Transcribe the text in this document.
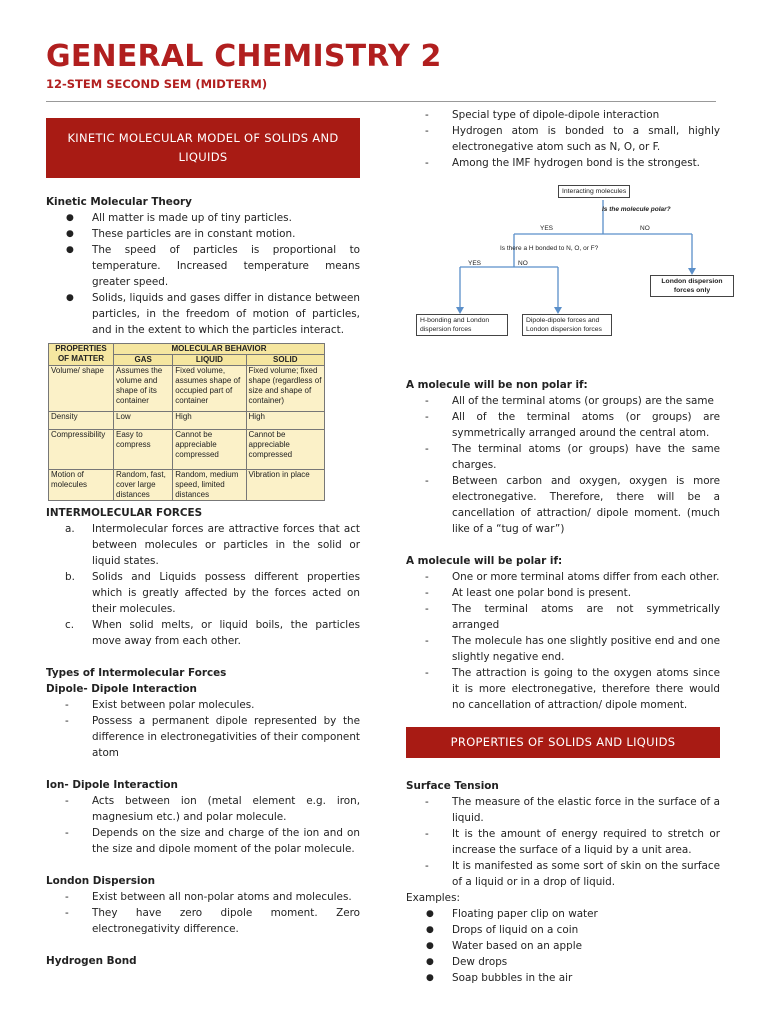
GENERAL CHEMISTRY 2
12-STEM SECOND SEM (MIDTERM)
KINETIC MOLECULAR MODEL OF SOLIDS AND LIQUIDS
Kinetic Molecular Theory
● All matter is made up of tiny particles.
● These particles are in constant motion.
● The speed of particles is proportional to temperature. Increased temperature means greater speed.
● Solids, liquids and gases differ in distance between particles, in the freedom of motion of particles, and in the extent to which the particles interact.
PROPERTIES OF MATTER	MOLECULAR BEHAVIOR		
	GAS	LIQUID	SOLID
Volume/ shape	Assumes the volume and shape of its container	Fixed volume, assumes shape of occupied part of container	Fixed volume; fixed shape (regardless of size and shape of container)
Density	Low	High	High
Compressibility	Easy to compress	Cannot be appreciable compressed	Cannot be appreciable compressed
Motion of molecules	Random, fast, cover large distances	Random, medium speed, limited distances	Vibration in place
INTERMOLECULAR FORCES
a. Intermolecular forces are attractive forces that act between molecules or particles in the solid or liquid states.
b. Solids and Liquids possess different properties which is greatly affected by the forces acted on their molecules.
c. When solid melts, or liquid boils, the particles move away from each other.
Types of Intermolecular Forces
Dipole- Dipole Interaction
- Exist between polar molecules.
- Possess a permanent dipole represented by the difference in electronegativities of their component atom
Ion- Dipole Interaction
- Acts between ion (metal element e.g. iron, magnesium etc.) and polar molecule.
- Depends on the size and charge of the ion and on the size and dipole moment of the polar molecule.
London Dispersion
- Exist between all non-polar atoms and molecules.
- They have zero dipole moment. Zero electronegativity difference.
Hydrogen Bond
- Special type of dipole-dipole interaction
- Hydrogen atom is bonded to a small, highly electronegative atom such as N, O, or F.
- Among the IMF hydrogen bond is the strongest.
Interacting molecules
Is the molecule polar?
YES	NO
Is there a H bonded to N, O, or F?
YES	NO
London dispersion forces only
H-bonding and London dispersion forces
Dipole-dipole forces and London dispersion forces
A molecule will be non polar if:
- All of the terminal atoms (or groups) are the same
- All of the terminal atoms (or groups) are symmetrically arranged around the central atom.
- The terminal atoms (or groups) have the same charges.
- Between carbon and oxygen, oxygen is more electronegative. Therefore, there will be a cancellation of attraction/ dipole moment. (much like of a “tug of war”)
A molecule will be polar if:
- One or more terminal atoms differ from each other.
- At least one polar bond is present.
- The terminal atoms are not symmetrically arranged
- The molecule has one slightly positive end and one slightly negative end.
- The attraction is going to the oxygen atoms since it is more electronegative, therefore there would no cancellation of attraction/ dipole moment.
PROPERTIES OF SOLIDS AND LIQUIDS
Surface Tension
- The measure of the elastic force in the surface of a liquid.
- It is the amount of energy required to stretch or increase the surface of a liquid by a unit area.
- It is manifested as some sort of skin on the surface of a liquid or in a drop of liquid.
Examples:
● Floating paper clip on water
● Drops of liquid on a coin
● Water based on an apple
● Dew drops
● Soap bubbles in the air
